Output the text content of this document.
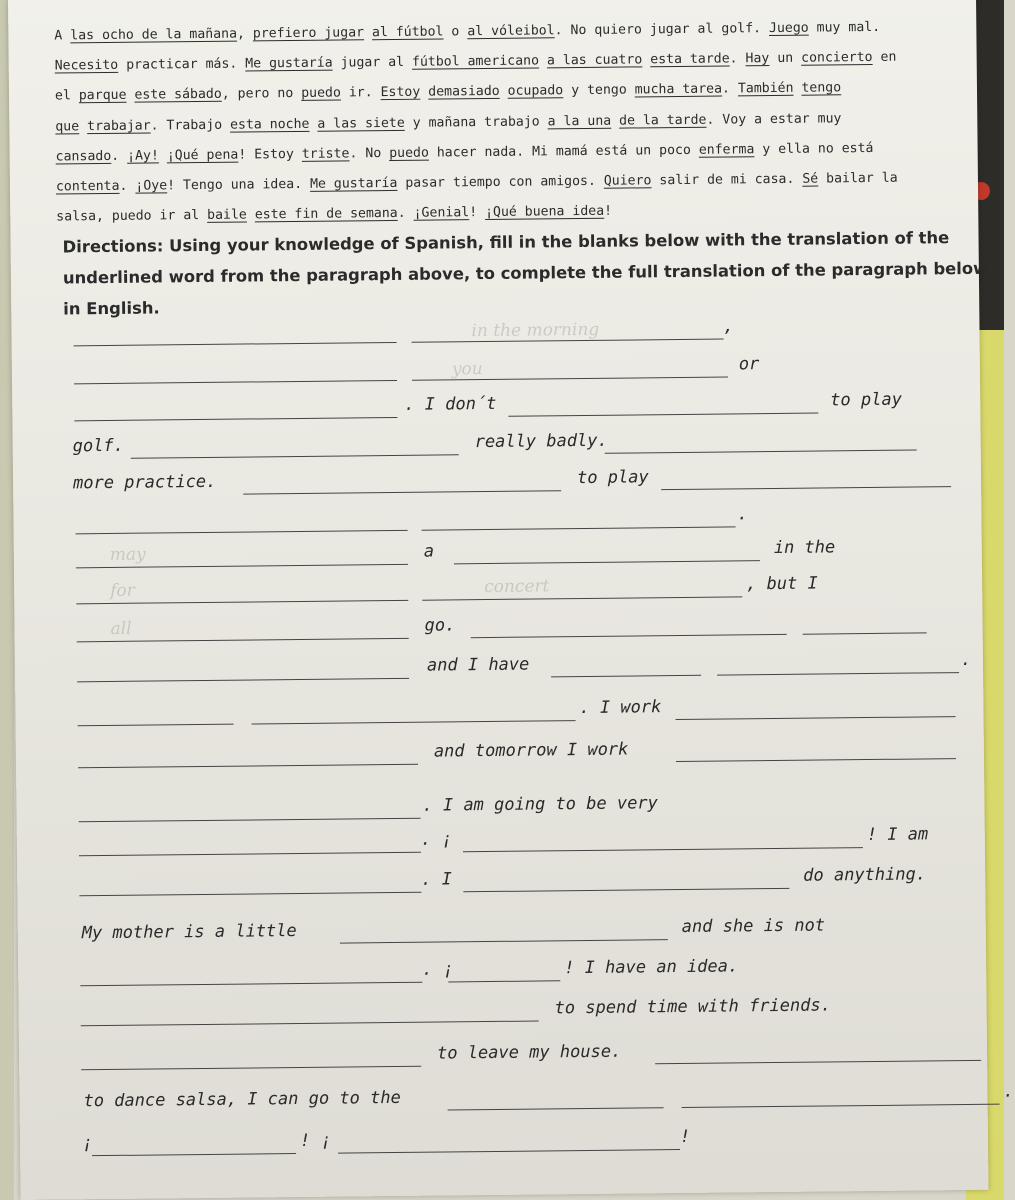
A las ocho de la mañana, prefiero jugar al fútbol o al vóleibol. No quiero jugar al golf. Juego muy mal.
Necesito practicar más. Me gustaría jugar al fútbol americano a las cuatro esta tarde. Hay un concierto en
el parque este sábado, pero no puedo ir. Estoy demasiado ocupado y tengo mucha tarea. También tengo
que trabajar. Trabajo esta noche a las siete y mañana trabajo a la una de la tarde. Voy a estar muy
cansado. ¡Ay! ¡Qué pena! Estoy triste. No puedo hacer nada. Mi mamá está un poco enferma y ella no está
contenta. ¡Oye! Tengo una idea. Me gustaría pasar tiempo con amigos. Quiero salir de mi casa. Sé bailar la
salsa, puedo ir al baile este fin de semana. ¡Genial! ¡Qué buena idea!
Directions: Using your knowledge of Spanish, fill in the blanks below with the translation of the
underlined word from the paragraph above, to complete the full translation of the paragraph below
in English.
in the morning
you
may
for	concert
all
,
or
. I don´t	to play
golf.	really badly.
more practice.	to play
.
a	in the
, but I
go.
and I have	.
. I work
and tomorrow I work
. I am going to be very
. ¡	! I am
. I	do anything.
My mother is a little	and she is not
. ¡	! I have an idea.
to spend time with friends.
to leave my house.
to dance salsa, I can go to the	.
¡	! ¡	!
